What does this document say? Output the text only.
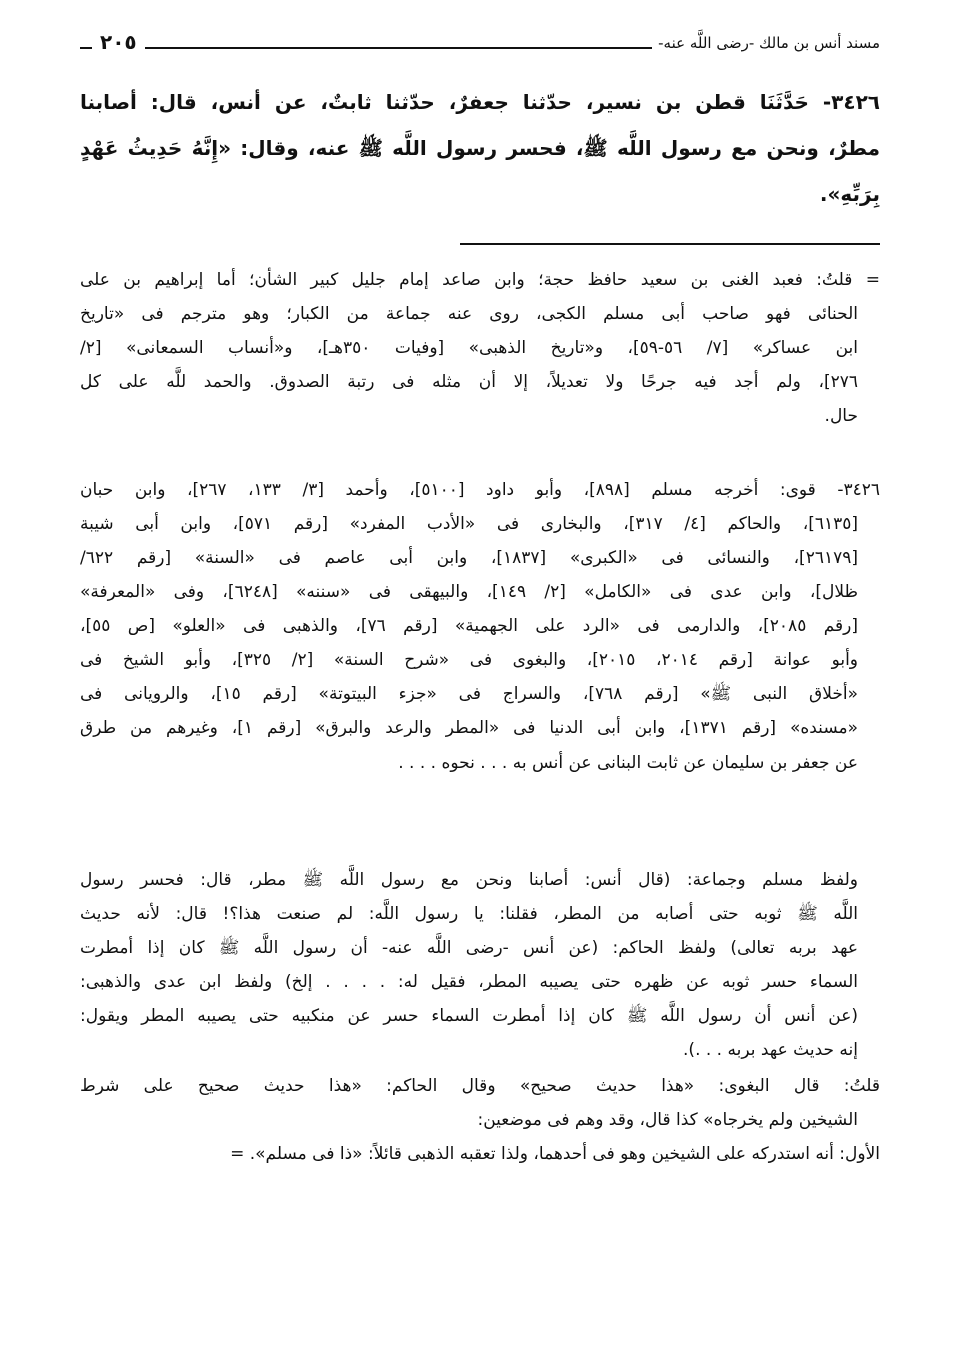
مسند أنس بن مالك -رضى اللَّه عنه-
٢٠٥
٣٤٢٦- حَدَّثَنَا قطن بن نسير، حدّثنا جعفرٌ، حدّثنا ثابتٌ، عن أنس، قال: أصابنا
مطرٌ، ونحن مع رسول اللَّه ﷺ، فحسر رسول اللَّه ﷺ عنه، وقال: «إِنَّهُ حَدِيثُ عَهْدٍ
بِرَبِّهِ».
= قلتُ: فعبد الغنى بن سعيد حافظ حجة؛ وابن صاعد إمام جليل كبير الشأن؛ أما إبراهيم بن على
الحنائى فهو صاحب أبى مسلم الكجى، روى عنه جماعة من الكبار؛ وهو مترجم فى «تاريخ
ابن عساكر» [٧/ ٥٦-٥٩]، و«تاريخ الذهبى» [وفيات ٣٥٠هـ]، و«أنساب السمعانى» [٢/
٢٧٦]، ولم أجد فيه جرحًا ولا تعديلاً، إلا أن مثله فى رتبة الصدوق. والحمد للَّه على كل
حال.
٣٤٢٦- قوى: أخرجه مسلم [٨٩٨]، وأبو داود [٥١٠٠]، وأحمد [٣/ ١٣٣، ٢٦٧]، وابن حبان
[٦١٣٥]، والحاكم [٤/ ٣١٧]، والبخارى فى «الأدب المفرد» [رقم ٥٧١]، وابن أبى شيبة
[٢٦١٧٩]، والنسائى فى «الكبرى» [١٨٣٧]، وابن أبى عاصم فى «السنة» [رقم ٦٢٢/
ظلال]، وابن عدى فى «الكامل» [٢/ ١٤٩]، والبيهقى فى «سننه» [٦٢٤٨]، وفى «المعرفة»
[رقم ٢٠٨٥]، والدارمى فى «الرد على الجهمية» [رقم ٧٦]، والذهبى فى «العلو» [ص ٥٥]،
وأبو عوانة [رقم ٢٠١٤، ٢٠١٥]، والبغوى فى «شرح السنة» [٢/ ٣٢٥]، وأبو الشيخ فى
«أخلاق النبى ﷺ» [رقم ٧٦٨]، والسراج فى «جزء البيتوتة» [رقم ١٥]، والرويانى فى
«مسنده» [رقم ١٣٧١]، وابن أبى الدنيا فى «المطر والرعد والبرق» [رقم ١]، وغيرهم من طرق
عن جعفر بن سليمان عن ثابت البنانى عن أنس به . . . نحوه . . . .
ولفظ مسلم وجماعة: (قال أنس: أصابنا ونحن مع رسول اللَّه ﷺ مطر، قال: فحسر رسول
اللَّه ﷺ ثوبه حتى أصابه من المطر، فقلنا: يا رسول اللَّه: لم صنعت هذا؟! قال: لأنه حديث
عهد بربه تعالى) ولفظ الحاكم: (عن أنس -رضى اللَّه عنه- أن رسول اللَّه ﷺ كان إذا أمطرت
السماء حسر ثوبه عن ظهره حتى يصيبه المطر، فقيل له: . . . . إلخ) ولفظ ابن عدى والذهبى:
(عن أنس أن رسول اللَّه ﷺ كان إذا أمطرت السماء حسر عن منكبيه حتى يصيبه المطر ويقول:
إنه حديث عهد بربه . . .).
قلتُ: قال البغوى: «هذا حديث صحيح» وقال الحاكم: «هذا حديث صحيح على شرط
الشيخين ولم يخرجاه» كذا قال، وقد وهم فى موضعين:
الأول: أنه استدركه على الشيخين وهو فى أحدهما، ولذا تعقبه الذهبى قائلاً: «ذا فى مسلم». =
